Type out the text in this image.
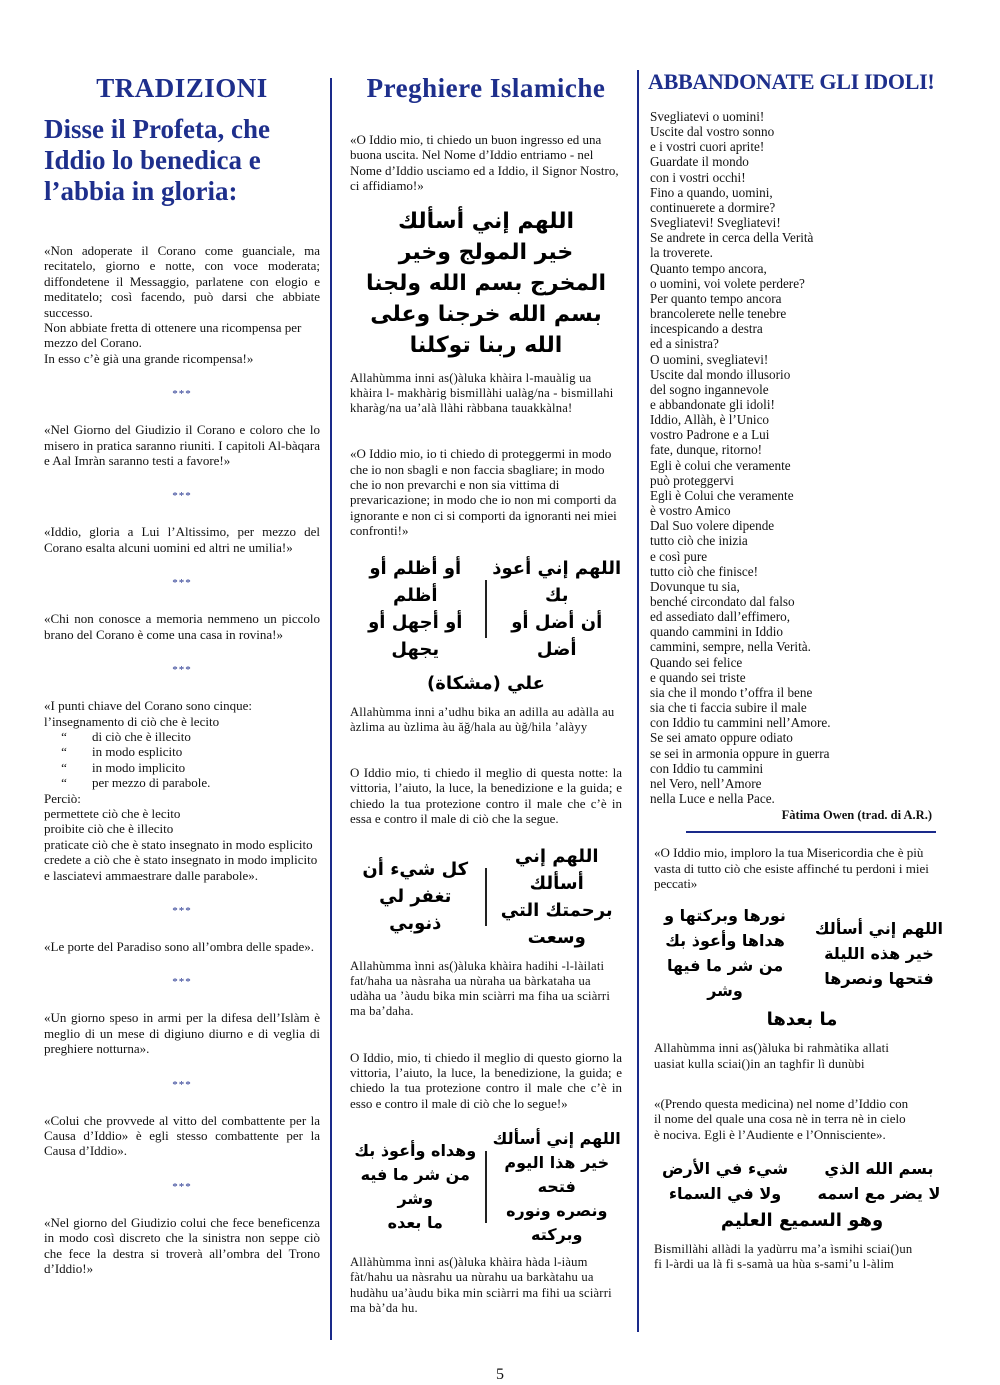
TRADIZIONI
Disse il Profeta, che Iddio lo benedica e l’abbia in gloria:

«Non adoperate il Corano come guanciale, ma recitatelo, giorno e notte, con voce moderata; diffondetene il Messaggio, parlatene con elogio e meditatelo; così facendo, può darsi che abbiate successo.

Non abbiate fretta di ottenere una ricompensa per mezzo del Corano.

In esso c’è già una grande ricompensa!»

***

«Nel Giorno del Giudizio il Corano e coloro che lo misero in pratica saranno riuniti. I capitoli Al-bàqara e Aal Imràn saranno testi a favore!»

***

«Iddio, gloria a Lui l’Altissimo, per mezzo del Corano esalta alcuni uomini ed altri ne umilia!»

***

«Chi non conosce a memoria nemmeno un piccolo brano del Corano è come una casa in rovina!»

***

«I punti chiave del Corano sono cinque:

l’insegnamento di ciò che è lecito

“	di ciò che è illecito
“	in modo esplicito
“	in modo implicito
“	per mezzo di parabole.

Perciò:

permettete ciò che è lecito

proibite ciò che è illecito

praticate ciò che è stato insegnato in modo esplicito

credete a ciò che è stato insegnato in modo implicito

e lasciatevi ammaestrare dalle parabole».

***

«Le porte del Paradiso sono all’ombra delle spade».

***

«Un giorno speso in armi per la difesa dell’Islàm è meglio di un mese di digiuno diurno e di veglia di preghiere notturna».

***

«Colui che provvede al vitto del combattente per la Causa d’Iddio» è egli stesso combattente per la Causa d’Iddio».

***

«Nel giorno del Giudizio colui che fece beneficenza in modo così discreto che la sinistra non seppe ciò che fece la destra si troverà all’ombra del Trono d’Iddio!»

Preghiere Islamiche

«O Iddio mio, ti chiedo un buon ingresso ed una buona uscita. Nel Nome d’Iddio entriamo - nel Nome d’Iddio usciamo ed a Iddio, il Signor Nostro, ci affidiamo!»

اللهم إني أسألك
خير المولج وخير
المخرج بسم الله ولجنا
بسم الله خرجنا وعلى
الله ربنا توكلنا

Allahùmma inni as()àluka khàira l-mauàlig ua khàira l- makhàrig bismillàhi ualàg/na - bismillahi kharàg/na ua’alà llàhi ràbbana tauakkàlna!

«O Iddio mio, io ti chiedo di proteggermi in modo che io non sbagli e non faccia sbagliare; in modo che io non prevarchi e non sia vittima di prevaricazione; in modo che io non mi comporti da ignorante e non ci si comporti da ignoranti nei miei confronti!»

أو أظلم أو أظلم
أو أجهل أو يجهل
اللهم إني أعوذ بك
أن أضل أو أضل
علي (مشكاة)

Allahùmma inni a’udhu bika an adilla au adàlla au àzlima au ùzlima àu ăğ/hala au ùğ/hila ’alàyy

O Iddio mio, ti chiedo il meglio di questa notte: la vittoria, l’aiuto, la luce, la benedizione e la guida; e chiedo la tua protezione contro il male che c’è in essa e contro il male di ciò che la segue.

كل شيء أن
تغفر لي ذنوبي
اللهم إني أسألك
برحمتك التي وسعت

Allahùmma ìnni as()àluka khàira hadihi -l-làilati fat/haha ua nàsraha ua nùraha ua bàrkataha ua udàha ua ’àudu bika min sciàrri ma fiha ua sciàrri ma ba’daha.

O Iddio, mio, ti chiedo il meglio di questo giorno la vittoria, l’aiuto, la luce, la benedizione, la guida; e chiedo la tua protezione contro il male che c’è in esso e contro il male di ciò che lo segue!»

وهداه وأعوذ بك
من شر ما فيه وشر
ما بعده
اللهم إني أسألك
خير هذا اليوم فتحه
ونصره ونوره وبركته

Allàhùmma ìnni as()àluka khàira hàda l-iàum fàt/hahu ua nàsrahu ua nùrahu ua barkàtahu ua hudàhu ua’àudu bika min sciàrri ma fihi ua sciàrri ma bà’da hu.

ABBANDONATE GLI IDOLI!

Svegliatevi o uomini!

Uscite dal vostro sonno

e i vostri cuori aprite!

Guardate il mondo

con i vostri occhi!

Fino a quando, uomini,

continuerete a dormire?

Svegliatevi! Svegliatevi!

Se andrete in cerca della Verità

la troverete.

Quanto tempo ancora,

o uomini, voi volete perdere?

Per quanto tempo ancora

brancolerete nelle tenebre

incespicando a destra

ed a sinistra?

O uomini, svegliatevi!

Uscite dal mondo illusorio

del sogno ingannevole

e abbandonate gli idoli!

Iddio, Allàh, è l’Unico

vostro Padrone e a Lui

fate, dunque, ritorno!

Egli è colui che veramente

può proteggervi

Egli è Colui che veramente

è vostro Amico

Dal Suo volere dipende

tutto ciò che inizia

e così pure

tutto ciò che finisce!

Dovunque tu sia,

benché circondato dal falso

ed assediato dall’effimero,

quando cammini in Iddio

cammini, sempre, nella Verità.

Quando sei felice

e quando sei triste

sia che il mondo t’offra il bene

sia che ti faccia subire il male

con Iddio tu cammini nell’Amore.

Se sei amato oppure odiato

se sei in armonia oppure in guerra

con Iddio tu cammini

nel Vero, nell’Amore

nella Luce e nella Pace.

Fàtima Owen (trad. di A.R.)

«O Iddio mio, imploro la tua Misericordia che è più vasta di tutto ciò che esiste affinché tu perdoni i miei peccati»

نورها وبركتها و
هداها وأعوذ بك
من شر ما فيها وشر
اللهم إني أسألك
خير هذه الليلة
فتحها ونصرها
ما بعدها

Allahùmma inni as()àluka bi rahmàtika allati uasiat kulla sciai()in an taghfir lì dunùbi

«(Prendo questa medicina) nel nome d’Iddio con il nome del quale una cosa nè in terra nè in cielo è nociva. Egli è l’Audiente e l’Onnisciente».

شيء في الأرض
ولا في السماء
بسم الله الذي
لا يضر مع اسمه
وهو السميع العليم

Bismillàhi allàdi la yadùrru ma’a ìsmihi sciai()un fi l-àrdi ua là fi s-samà ua hùa s-sami’u l-àlim

5
